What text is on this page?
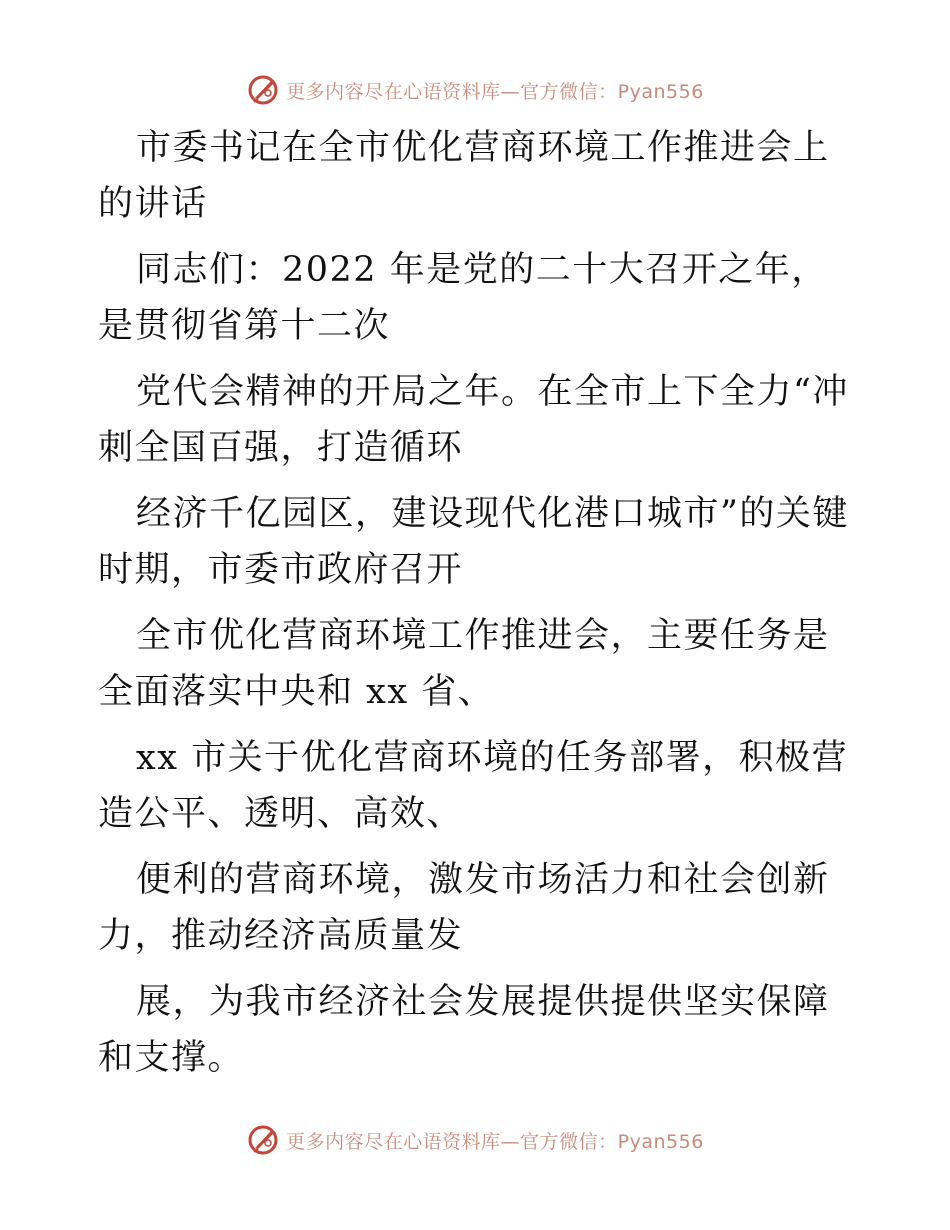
更多内容尽在心语资料库—官方微信：Pyan556

市委书记在全市优化营商环境工作推进会上的讲话

同志们：2022 年是党的二十大召开之年，是贯彻省第十二次

党代会精神的开局之年。在全市上下全力“冲刺全国百强，打造循环

经济千亿园区，建设现代化港口城市”的关键时期，市委市政府召开

全市优化营商环境工作推进会，主要任务是全面落实中央和 xx 省、

xx 市关于优化营商环境的任务部署，积极营造公平、透明、高效、

便利的营商环境，激发市场活力和社会创新力，推动经济高质量发

展，为我市经济社会发展提供提供坚实保障和支撑。

更多内容尽在心语资料库—官方微信：Pyan556
